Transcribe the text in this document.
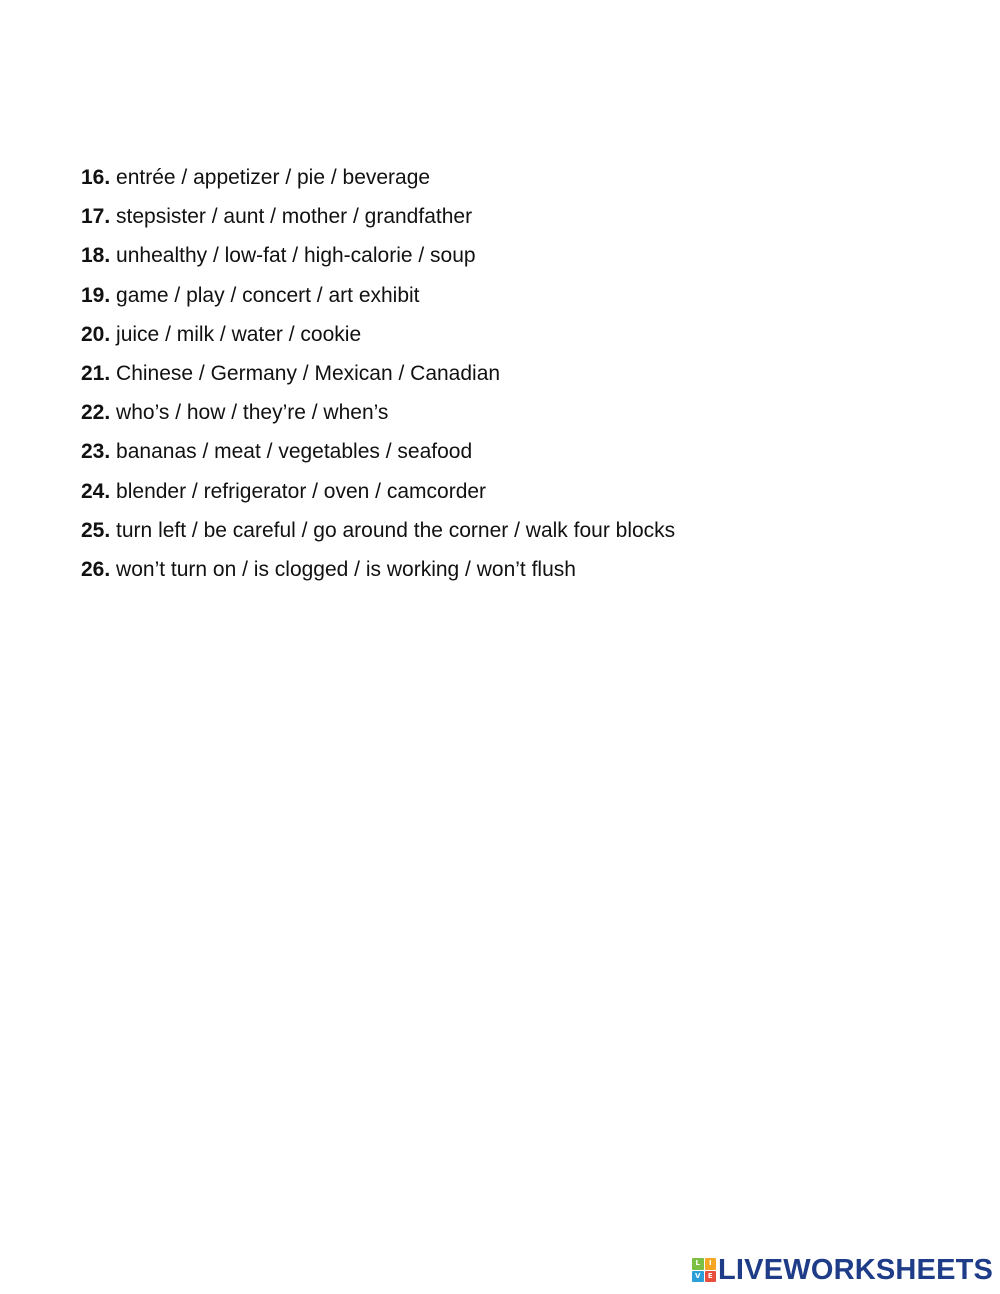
16. entrée / appetizer / pie / beverage
17. stepsister / aunt / mother / grandfather
18. unhealthy / low-fat / high-calorie / soup
19. game / play / concert / art exhibit
20. juice / milk / water / cookie
21. Chinese / Germany / Mexican / Canadian
22. who’s / how / they’re / when’s
23. bananas / meat / vegetables / seafood
24. blender / refrigerator / oven / camcorder
25. turn left / be careful / go around the corner / walk four blocks
26. won’t turn on / is clogged / is working / won’t flush
L	I
V	E LIVEWORKSHEETS
